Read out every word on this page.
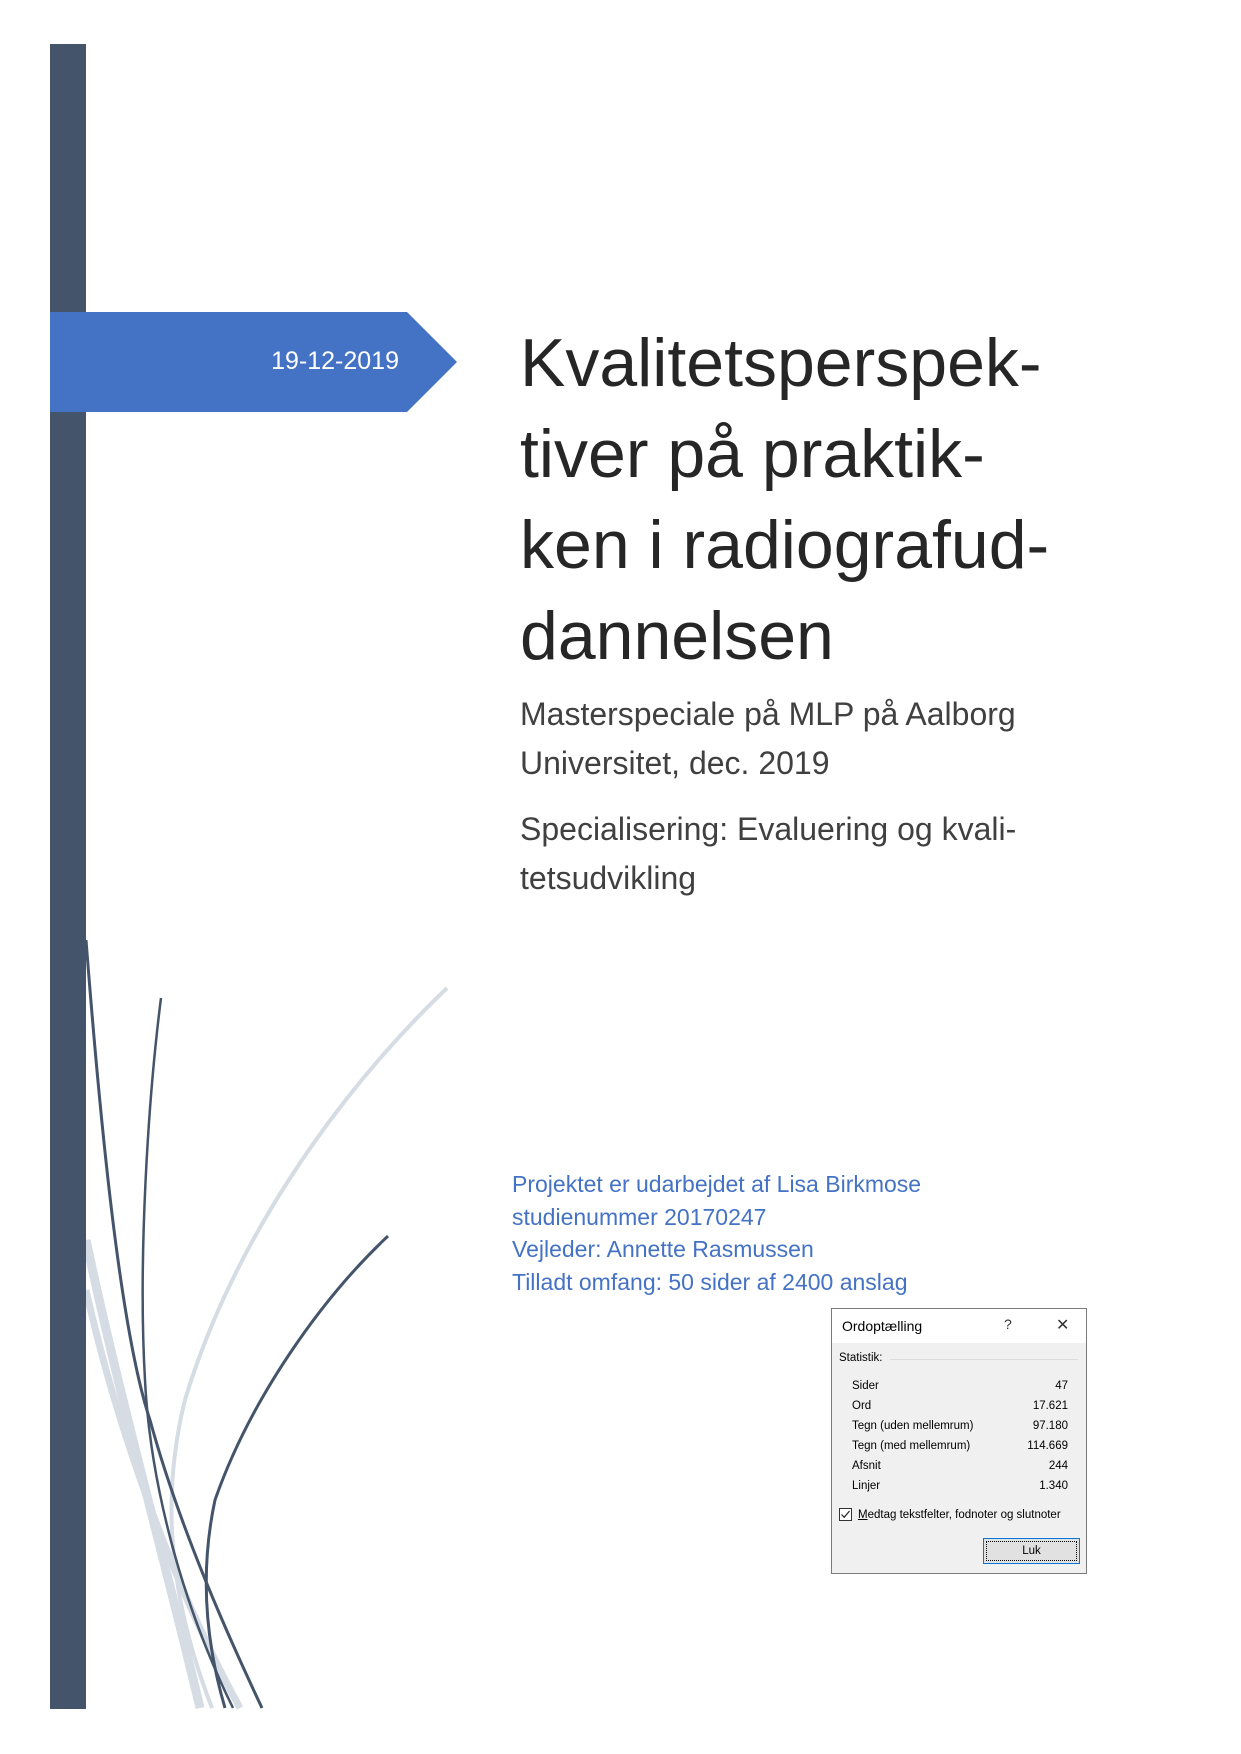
19-12-2019 Kvalitetsperspek-
tiver på praktik-
ken i radiografud-
dannelsen

Masterspeciale på MLP på Aalborg
Universitet, dec. 2019

Specialisering: Evaluering og kvali-
tetsudvikling

Projektet er udarbejdet af Lisa Birkmose
studienummer 20170247
Vejleder: Annette Rasmussen
Tilladt omfang: 50 sider af 2400 anslag
Ordoptælling	?	✕
Statistik:
Sider	47
Ord	17.621
Tegn (uden mellemrum)	97.180
Tegn (med mellemrum)	114.669
Afsnit	244
Linjer	1.340
Medtag tekstfelter, fodnoter og slutnoter
Luk
